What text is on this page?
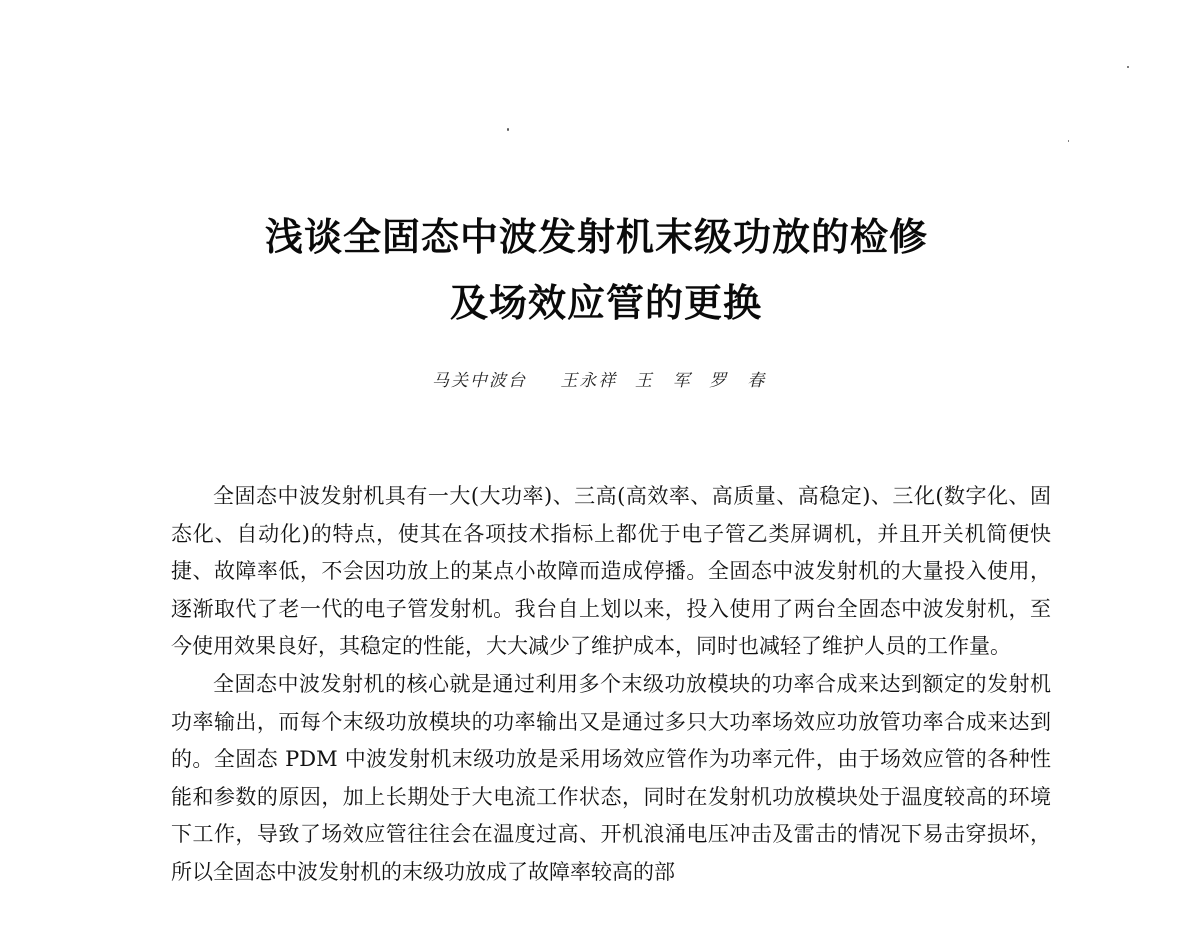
浅谈全固态中波发射机末级功放的检修
及场效应管的更换
马关中波台 王永祥 王　军 罗　春

全固态中波发射机具有一大(大功率)、三高(高效率、高质量、高稳定)、三化(数字化、固态化、自动化)的特点，使其在各项技术指标上都优于电子管乙类屏调机，并且开关机简便快捷、故障率低，不会因功放上的某点小故障而造成停播。全固态中波发射机的大量投入使用，逐渐取代了老一代的电子管发射机。我台自上划以来，投入使用了两台全固态中波发射机，至今使用效果良好，其稳定的性能，大大减少了维护成本，同时也减轻了维护人员的工作量。

全固态中波发射机的核心就是通过利用多个末级功放模块的功率合成来达到额定的发射机功率输出，而每个末级功放模块的功率输出又是通过多只大功率场效应功放管功率合成来达到的。全固态 PDM 中波发射机末级功放是采用场效应管作为功率元件，由于场效应管的各种性能和参数的原因，加上长期处于大电流工作状态，同时在发射机功放模块处于温度较高的环境下工作，导致了场效应管往往会在温度过高、开机浪涌电压冲击及雷击的情况下易击穿损坏，所以全固态中波发射机的末级功放成了故障率较高的部
